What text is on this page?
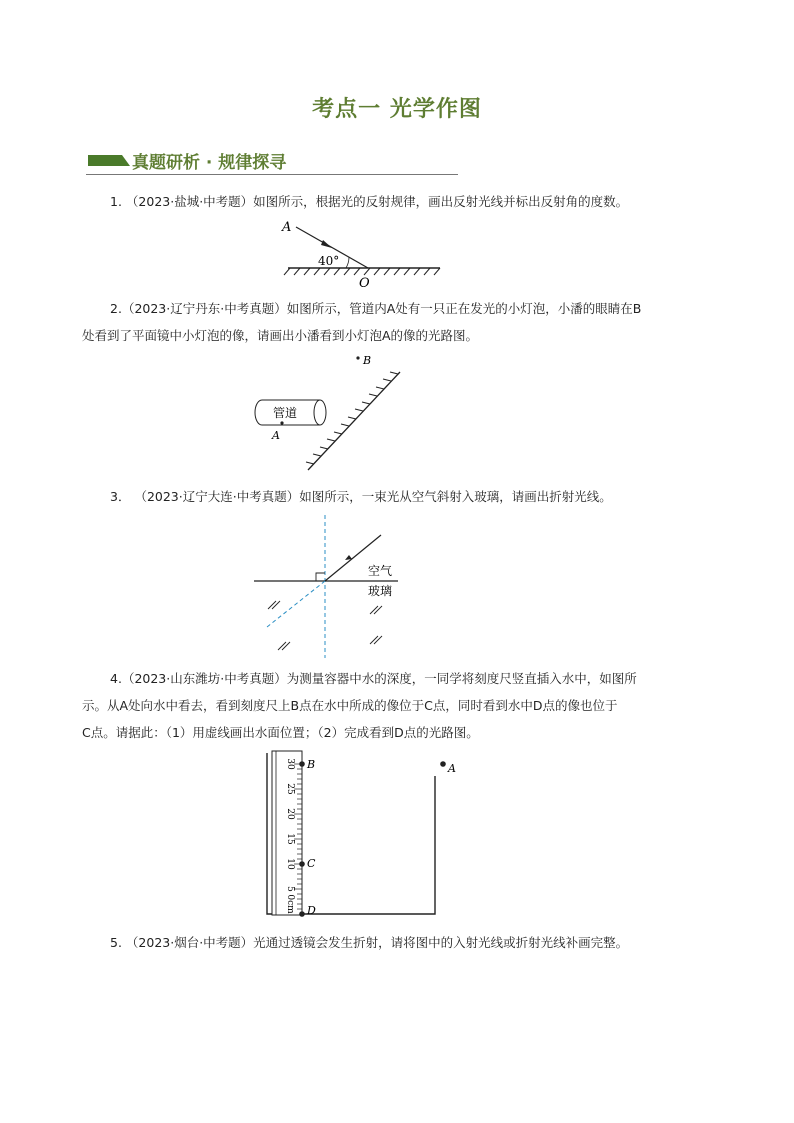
考点一 光学作图
真题研析 · 规律探寻
1. （2023·盐城·中考题）如图所示，根据光的反射规律，画出反射光线并标出反射角的度数。
A
40°
O
2.（2023·辽宁丹东·中考真题）如图所示，管道内A处有一只正在发光的小灯泡，小潘的眼睛在B
处看到了平面镜中小灯泡的像，请画出小潘看到小灯泡A的像的光路图。
B
管道
A
3． （2023·辽宁大连·中考真题）如图所示，一束光从空气斜射入玻璃，请画出折射光线。
空气
玻璃
4.（2023·山东潍坊·中考真题）为测量容器中水的深度，一同学将刻度尺竖直插入水中，如图所
示。从A处向水中看去，看到刻度尺上B点在水中所成的像位于C点，同时看到水中D点的像也位于
C点。请据此：（1）用虚线画出水面位置；（2）完成看到D点的光路图。
30
25
20
15
10
5
0cm
B
C
D
A
5. （2023·烟台·中考题）光通过透镜会发生折射，请将图中的入射光线或折射光线补画完整。
